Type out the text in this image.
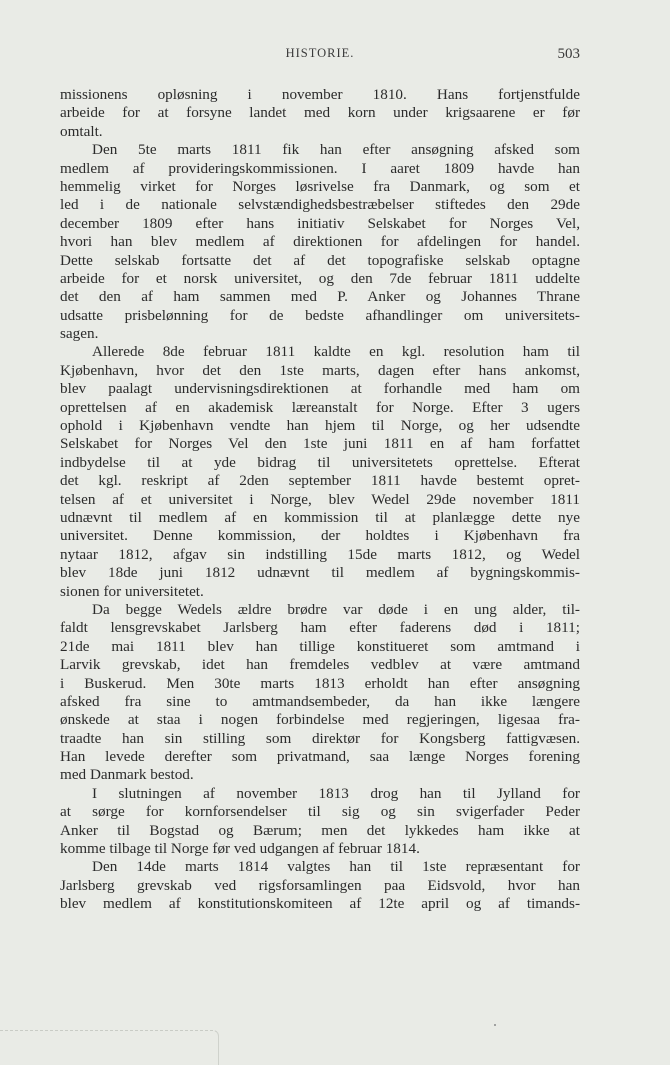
HISTORIE.	503
missionens opløsning i november 1810. Hans fortjenstfulde
arbeide for at forsyne landet med korn under krigsaarene er før
omtalt.
Den 5te marts 1811 fik han efter ansøgning afsked som
medlem af provideringskommissionen. I aaret 1809 havde han
hemmelig virket for Norges løsrivelse fra Danmark, og som et
led i de nationale selvstændighedsbestræbelser stiftedes den 29de
december 1809 efter hans initiativ Selskabet for Norges Vel,
hvori han blev medlem af direktionen for afdelingen for handel.
Dette selskab fortsatte det af det topografiske selskab optagne
arbeide for et norsk universitet, og den 7de februar 1811 uddelte
det den af ham sammen med P. Anker og Johannes Thrane
udsatte prisbelønning for de bedste afhandlinger om universitets-
sagen.
Allerede 8de februar 1811 kaldte en kgl. resolution ham til
Kjøbenhavn, hvor det den 1ste marts, dagen efter hans ankomst,
blev paalagt undervisningsdirektionen at forhandle med ham om
oprettelsen af en akademisk læreanstalt for Norge. Efter 3 ugers
ophold i Kjøbenhavn vendte han hjem til Norge, og her udsendte
Selskabet for Norges Vel den 1ste juni 1811 en af ham forfattet
indbydelse til at yde bidrag til universitetets oprettelse. Efterat
det kgl. reskript af 2den september 1811 havde bestemt opret-
telsen af et universitet i Norge, blev Wedel 29de november 1811
udnævnt til medlem af en kommission til at planlægge dette nye
universitet. Denne kommission, der holdtes i Kjøbenhavn fra
nytaar 1812, afgav sin indstilling 15de marts 1812, og Wedel
blev 18de juni 1812 udnævnt til medlem af bygningskommis-
sionen for universitetet.
Da begge Wedels ældre brødre var døde i en ung alder, til-
faldt lensgrevskabet Jarlsberg ham efter faderens død i 1811;
21de mai 1811 blev han tillige konstitueret som amtmand i
Larvik grevskab, idet han fremdeles vedblev at være amtmand
i Buskerud. Men 30te marts 1813 erholdt han efter ansøgning
afsked fra sine to amtmandsembeder, da han ikke længere
ønskede at staa i nogen forbindelse med regjeringen, ligesaa fra-
traadte han sin stilling som direktør for Kongsberg fattigvæsen.
Han levede derefter som privatmand, saa længe Norges forening
med Danmark bestod.
I slutningen af november 1813 drog han til Jylland for
at sørge for kornforsendelser til sig og sin svigerfader Peder
Anker til Bogstad og Bærum; men det lykkedes ham ikke at
komme tilbage til Norge før ved udgangen af februar 1814.
Den 14de marts 1814 valgtes han til 1ste repræsentant for
Jarlsberg grevskab ved rigsforsamlingen paa Eidsvold, hvor han
blev medlem af konstitutionskomiteen af 12te april og af timands-
